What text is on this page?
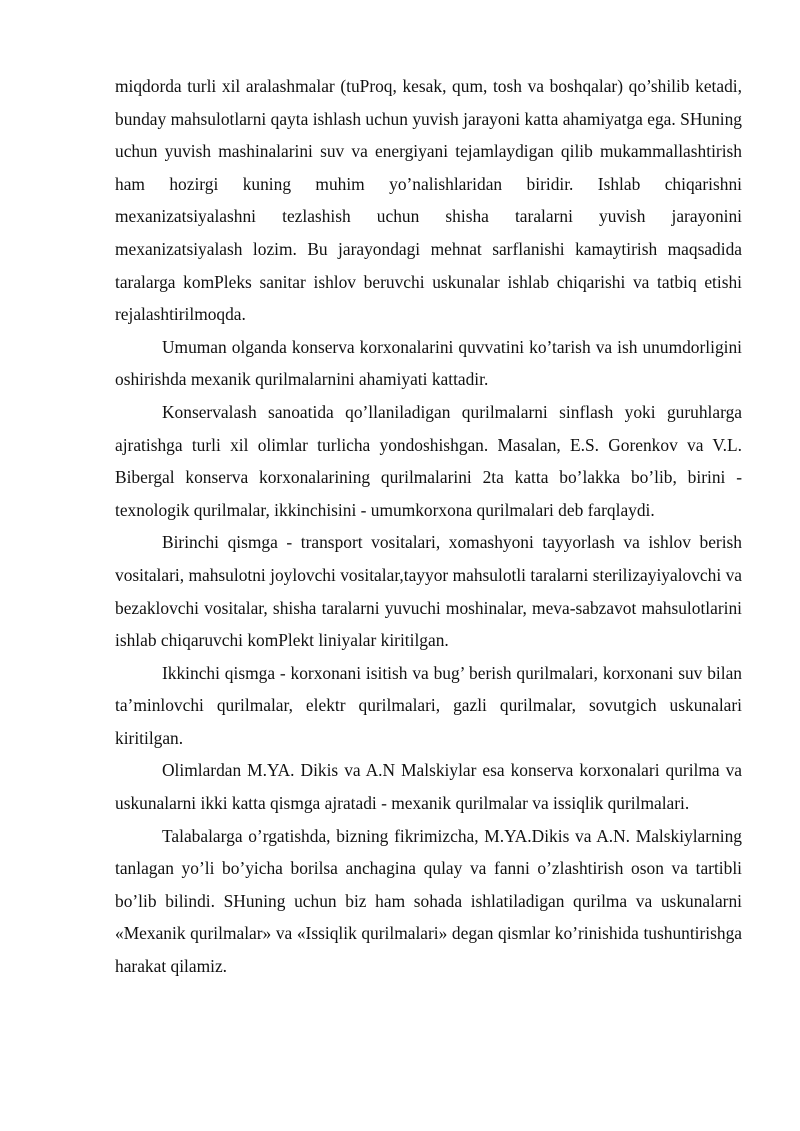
miqdorda turli xil aralashmalar (tuProq, kesak, qum, tosh va boshqalar) qo’shilib ketadi, bunday mahsulotlarni qayta ishlash uchun yuvish jarayoni katta ahamiyatga ega. SHuning uchun yuvish mashinalarini suv va energiyani tejamlaydigan qilib mukammallashtirish ham hozirgi kuning muhim yo’nalishlaridan biridir. Ishlab chiqarishni mexanizatsiyalashni tezlashish uchun shisha taralarni yuvish jarayonini mexanizatsiyalash lozim. Bu jarayondagi mehnat sarflanishi kamaytirish maqsadida taralarga komPleks sanitar ishlov beruvchi uskunalar ishlab chiqarishi va tatbiq etishi rejalashtirilmoqda.

Umuman olganda konserva korxonalarini quvvatini ko’tarish va ish unumdorligini oshirishda mexanik qurilmalarnini ahamiyati kattadir.

Konservalash sanoatida qo’llaniladigan qurilmalarni sinflash yoki guruhlarga ajratishga turli xil olimlar turlicha yondoshishgan. Masalan, E.S. Gorenkov va V.L. Bibergal konserva korxonalarining qurilmalarini 2ta katta bo’lakka bo’lib, birini - texnologik qurilmalar, ikkinchisini - umumkorxona qurilmalari deb farqlaydi.

Birinchi qismga - transport vositalari, xomashyoni tayyorlash va ishlov berish vositalari, mahsulotni joylovchi vositalar,tayyor mahsulotli taralarni sterilizayiyalovchi va bezaklovchi vositalar, shisha taralarni yuvuchi moshinalar, meva-sabzavot mahsulotlarini ishlab chiqaruvchi komPlekt liniyalar kiritilgan.

Ikkinchi qismga - korxonani isitish va bug’ berish qurilmalari, korxonani suv bilan ta’minlovchi qurilmalar, elektr qurilmalari, gazli qurilmalar, sovutgich uskunalari kiritilgan.

Olimlardan M.YA. Dikis va A.N Malskiylar esa konserva korxonalari qurilma va uskunalarni ikki katta qismga ajratadi - mexanik qurilmalar va issiqlik qurilmalari.

Talabalarga o’rgatishda, bizning fikrimizcha, M.YA.Dikis va A.N. Malskiylarning tanlagan yo’li bo’yicha borilsa anchagina qulay va fanni o’zlashtirish oson va tartibli bo’lib bilindi. SHuning uchun biz ham sohada ishlatiladigan qurilma va uskunalarni «Mexanik qurilmalar» va «Issiqlik qurilmalari» degan qismlar ko’rinishida tushuntirishga harakat qilamiz.
